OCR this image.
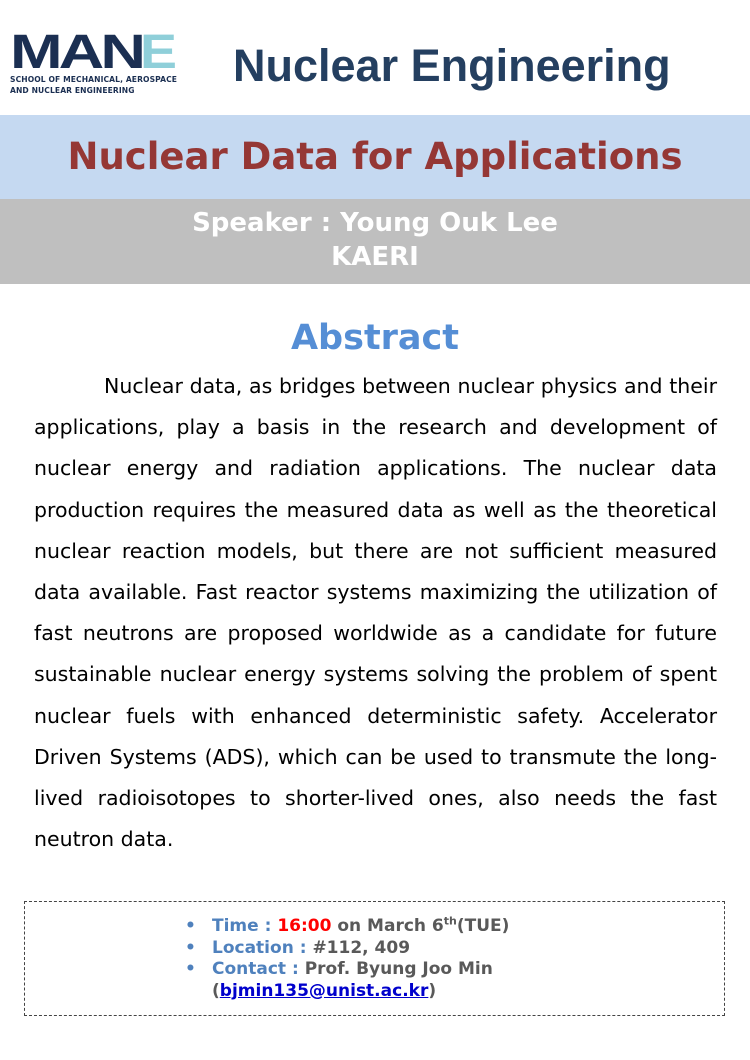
MAN
E
SCHOOL OF MECHANICAL, AEROSPACE
AND NUCLEAR ENGINEERING	Nuclear Engineering
Nuclear Data for Applications
Speaker : Young Ouk Lee
KAERI
Abstract

Nuclear data, as bridges between nuclear physics and their applications, play a basis in the research and development of nuclear energy and radiation applications. The nuclear data production requires the measured data as well as the theoretical nuclear reaction models, but there are not sufficient measured data available. Fast reactor systems maximizing the utilization of fast neutrons are proposed worldwide as a candidate for future sustainable nuclear energy systems solving the problem of spent nuclear fuels with enhanced deterministic safety. Accelerator Driven Systems (ADS), which can be used to transmute the long-lived radioisotopes to shorter-lived ones, also needs the fast neutron data.

• Time : 16:00 on March 6th(TUE)
• Location : #112, 409
• Contact : Prof. Byung Joo Min
(bjmin135@unist.ac.kr)
